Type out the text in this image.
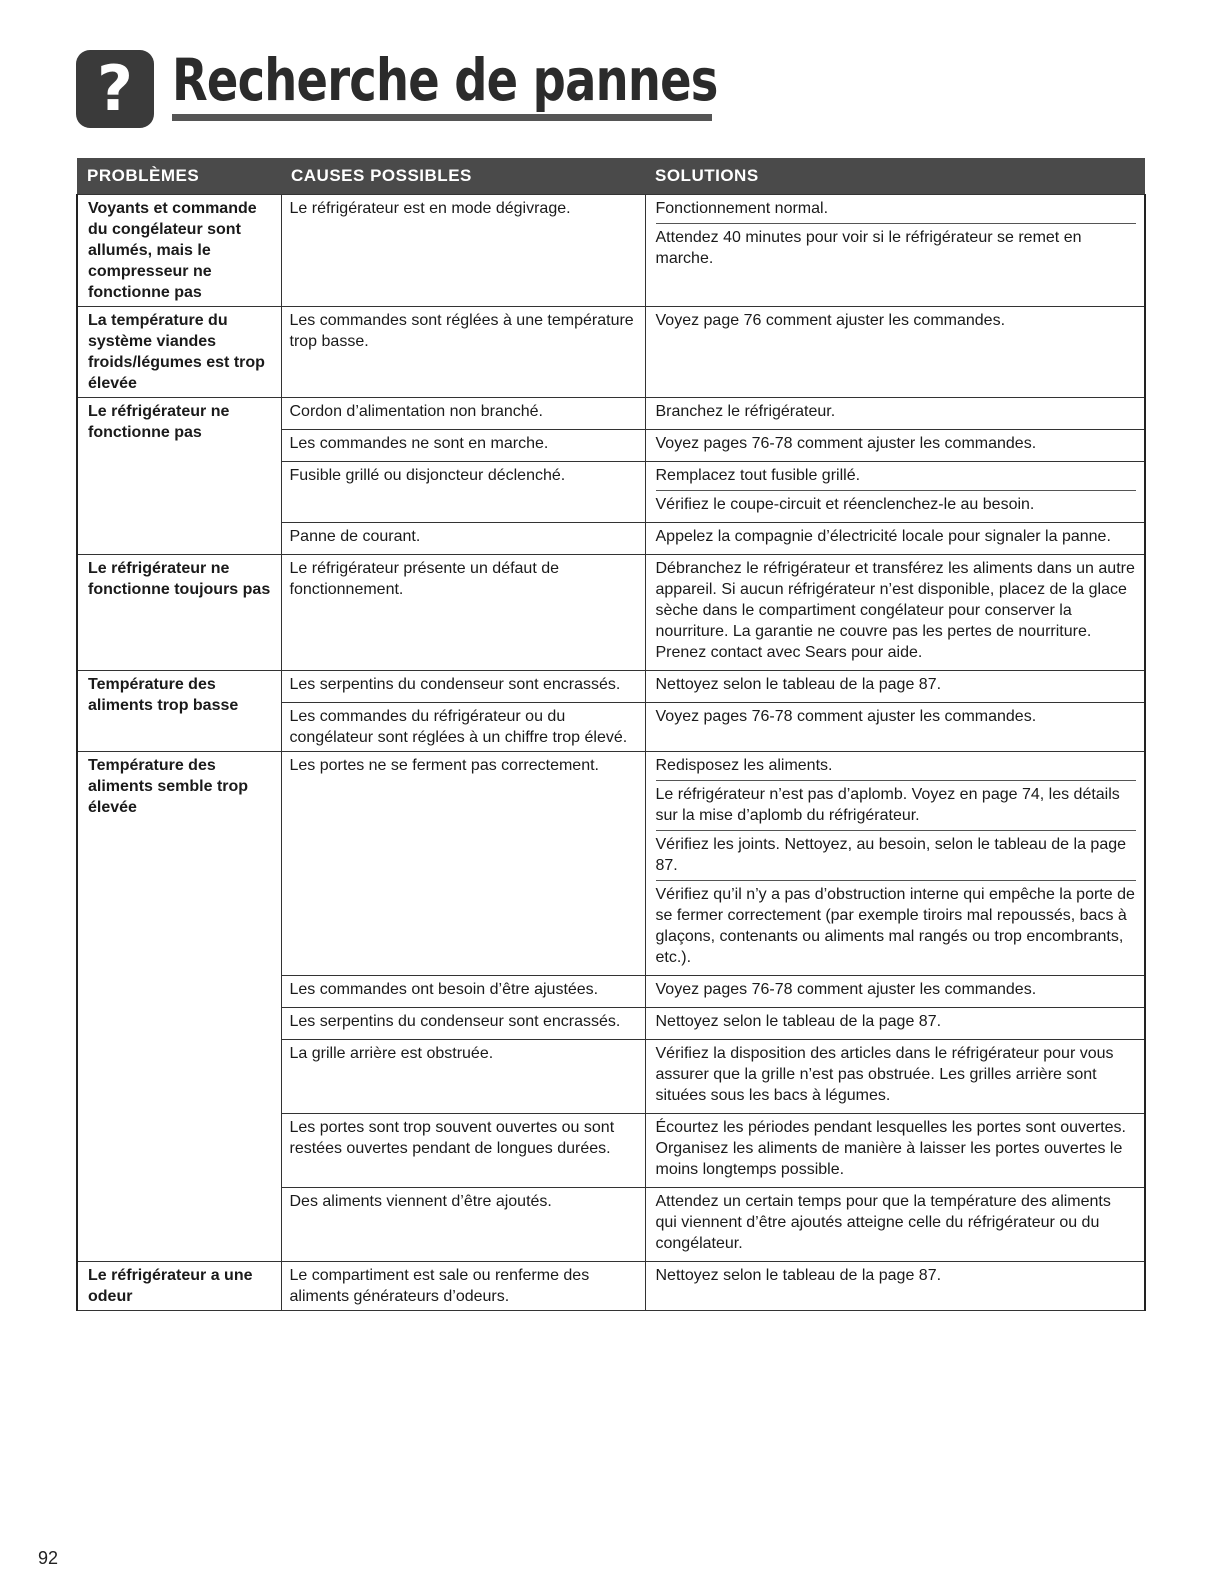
? Recherche de pannes
PROBLÈMES	CAUSES POSSIBLES	SOLUTIONS
Voyants et commande du congélateur sont allumés, mais le compresseur ne fonctionne pas	Le réfrigérateur est en mode dégivrage.	Fonctionnement normal.
Attendez 40 minutes pour voir si le réfrigérateur se remet en marche.

La température du système viandes froids/légumes est trop élevée	Les commandes sont réglées à une température trop basse.	Voyez page 76 comment ajuster les commandes.

Le réfrigérateur ne fonctionne pas	Cordon d’alimentation non branché.	Branchez le réfrigérateur.

	Les commandes ne sont en marche.	Voyez pages 76-78 comment ajuster les commandes.

	Fusible grillé ou disjoncteur déclenché.	Remplacez tout fusible grillé.
Vérifiez le coupe-circuit et réenclenchez-le au besoin.

	Panne de courant.	Appelez la compagnie d’électricité locale pour signaler la panne.

Le réfrigérateur ne fonctionne toujours pas	Le réfrigérateur présente un défaut de fonctionnement.	Débranchez le réfrigérateur et transférez les aliments dans un autre appareil. Si aucun réfrigérateur n’est disponible, placez de la glace sèche dans le compartiment congélateur pour conserver la nourriture. La garantie ne couvre pas les pertes de nourriture. Prenez contact avec Sears pour aide.

Température des aliments trop basse	Les serpentins du condenseur sont encrassés.	Nettoyez selon le tableau de la page 87.

	Les commandes du réfrigérateur ou du congélateur sont réglées à un chiffre trop élevé.	Voyez pages 76-78 comment ajuster les commandes.

Température des aliments semble trop élevée	Les portes ne se ferment pas correctement.	Redisposez les aliments.
Le réfrigérateur n’est pas d’aplomb. Voyez en page 74, les détails sur la mise d’aplomb du réfrigérateur.
Vérifiez les joints. Nettoyez, au besoin, selon le tableau de la page 87.
Vérifiez qu’il n’y a pas d’obstruction interne qui empêche la porte de se fermer correctement (par exemple tiroirs mal repoussés, bacs à glaçons, contenants ou aliments mal rangés ou trop encombrants, etc.).

	Les commandes ont besoin d’être ajustées.	Voyez pages 76-78 comment ajuster les commandes.

	Les serpentins du condenseur sont encrassés.	Nettoyez selon le tableau de la page 87.

	La grille arrière est obstruée.	Vérifiez la disposition des articles dans le réfrigérateur pour vous assurer que la grille n’est pas obstruée. Les grilles arrière sont situées sous les bacs à légumes.

	Les portes sont trop souvent ouvertes ou sont restées ouvertes pendant de longues durées.	Écourtez les périodes pendant lesquelles les portes sont ouvertes. Organisez les aliments de manière à laisser les portes ouvertes le moins longtemps possible.

	Des aliments viennent d’être ajoutés.	Attendez un certain temps pour que la température des aliments qui viennent d’être ajoutés atteigne celle du réfrigérateur ou du congélateur.

Le réfrigérateur a une odeur	Le compartiment est sale ou renferme des aliments générateurs d’odeurs.	Nettoyez selon le tableau de la page 87.
92
